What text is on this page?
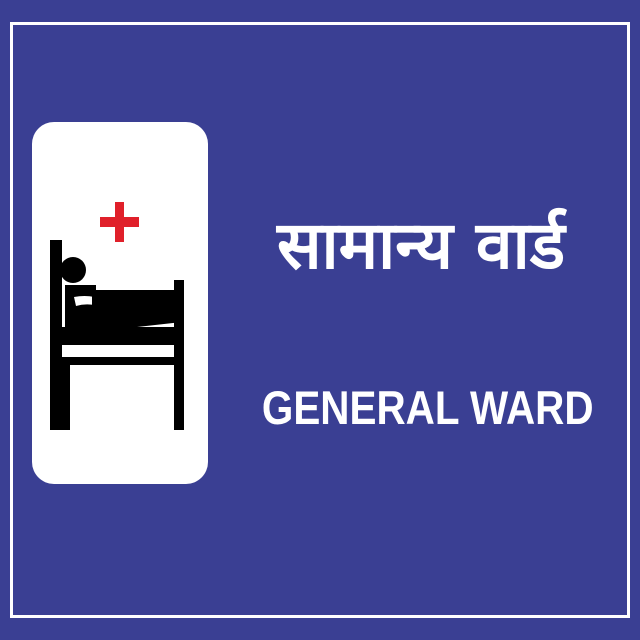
सामान्य वार्ड
GENERAL WARD
